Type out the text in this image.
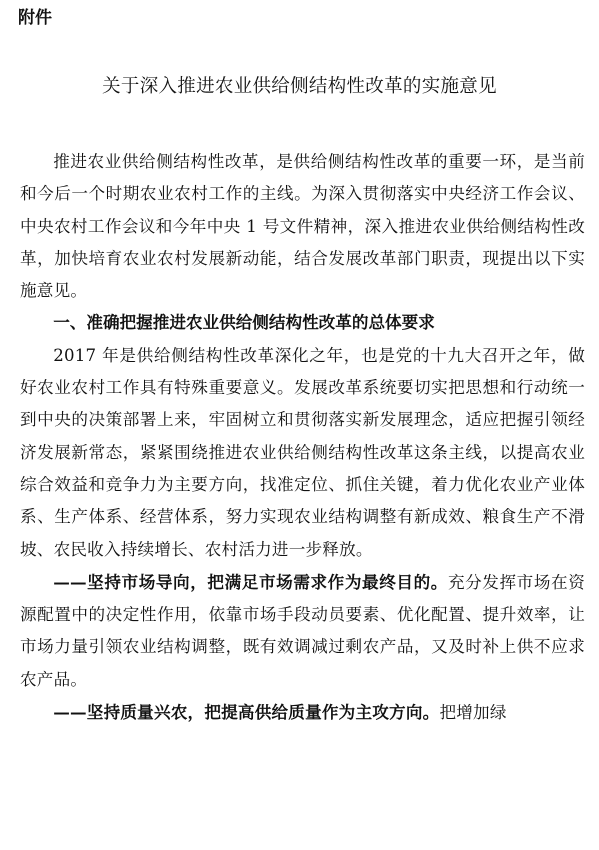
附件
关于深入推进农业供给侧结构性改革的实施意见

推进农业供给侧结构性改革，是供给侧结构性改革的重要一环，是当前和今后一个时期农业农村工作的主线。为深入贯彻落实中央经济工作会议、中央农村工作会议和今年中央 1 号文件精神，深入推进农业供给侧结构性改革，加快培育农业农村发展新动能，结合发展改革部门职责，现提出以下实施意见。

一、准确把握推进农业供给侧结构性改革的总体要求

2017 年是供给侧结构性改革深化之年，也是党的十九大召开之年，做好农业农村工作具有特殊重要意义。发展改革系统要切实把思想和行动统一到中央的决策部署上来，牢固树立和贯彻落实新发展理念，适应把握引领经济发展新常态，紧紧围绕推进农业供给侧结构性改革这条主线，以提高农业综合效益和竞争力为主要方向，找准定位、抓住关键，着力优化农业产业体系、生产体系、经营体系，努力实现农业结构调整有新成效、粮食生产不滑坡、农民收入持续增长、农村活力进一步释放。

——坚持市场导向，把满足市场需求作为最终目的。充分发挥市场在资源配置中的决定性作用，依靠市场手段动员要素、优化配置、提升效率，让市场力量引领农业结构调整，既有效调减过剩农产品，又及时补上供不应求农产品。

——坚持质量兴农，把提高供给质量作为主攻方向。把增加绿
